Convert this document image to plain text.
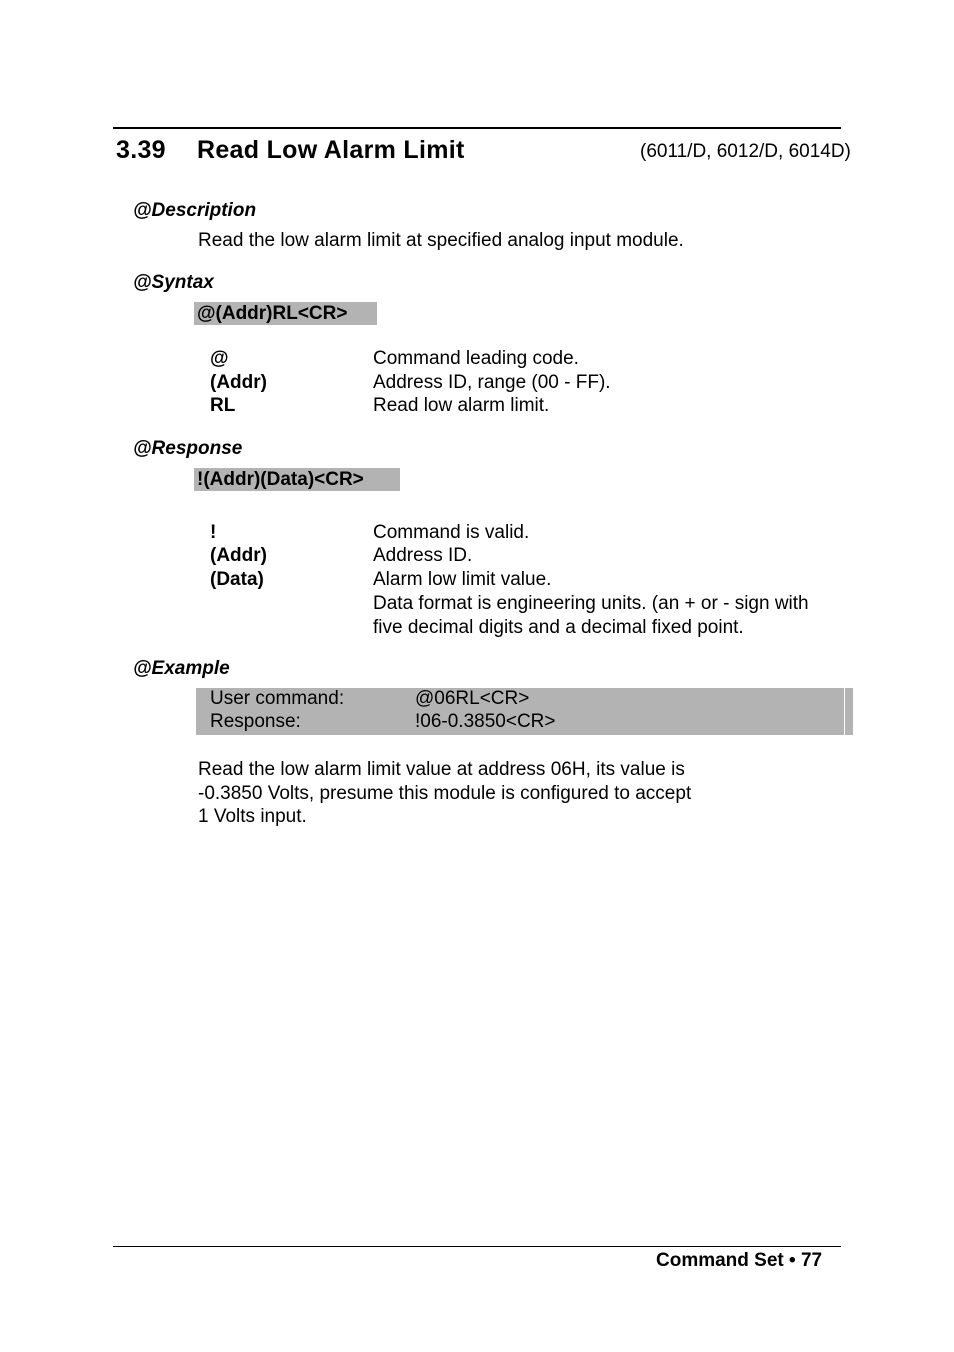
3.39 Read Low Alarm Limit	(6011/D, 6012/D, 6014D)
@Description
Read the low alarm limit at specified analog input module.
@Syntax
@(Addr)RL<CR>
@	Command leading code.
(Addr)	Address ID, range (00 - FF).
RL	Read low alarm limit.
@Response
!(Addr)(Data)<CR>
!	Command is valid.
(Addr)	Address ID.
(Data)	Alarm low limit value.
Data format is engineering units. (an + or - sign with
five decimal digits and a decimal fixed point.
@Example
User command:	@06RL<CR>
Response:	!06-0.3850<CR>
Read the low alarm limit value at address 06H, its value is
-0.3850 Volts, presume this module is configured to accept
1 Volts input.
Command Set • 77
